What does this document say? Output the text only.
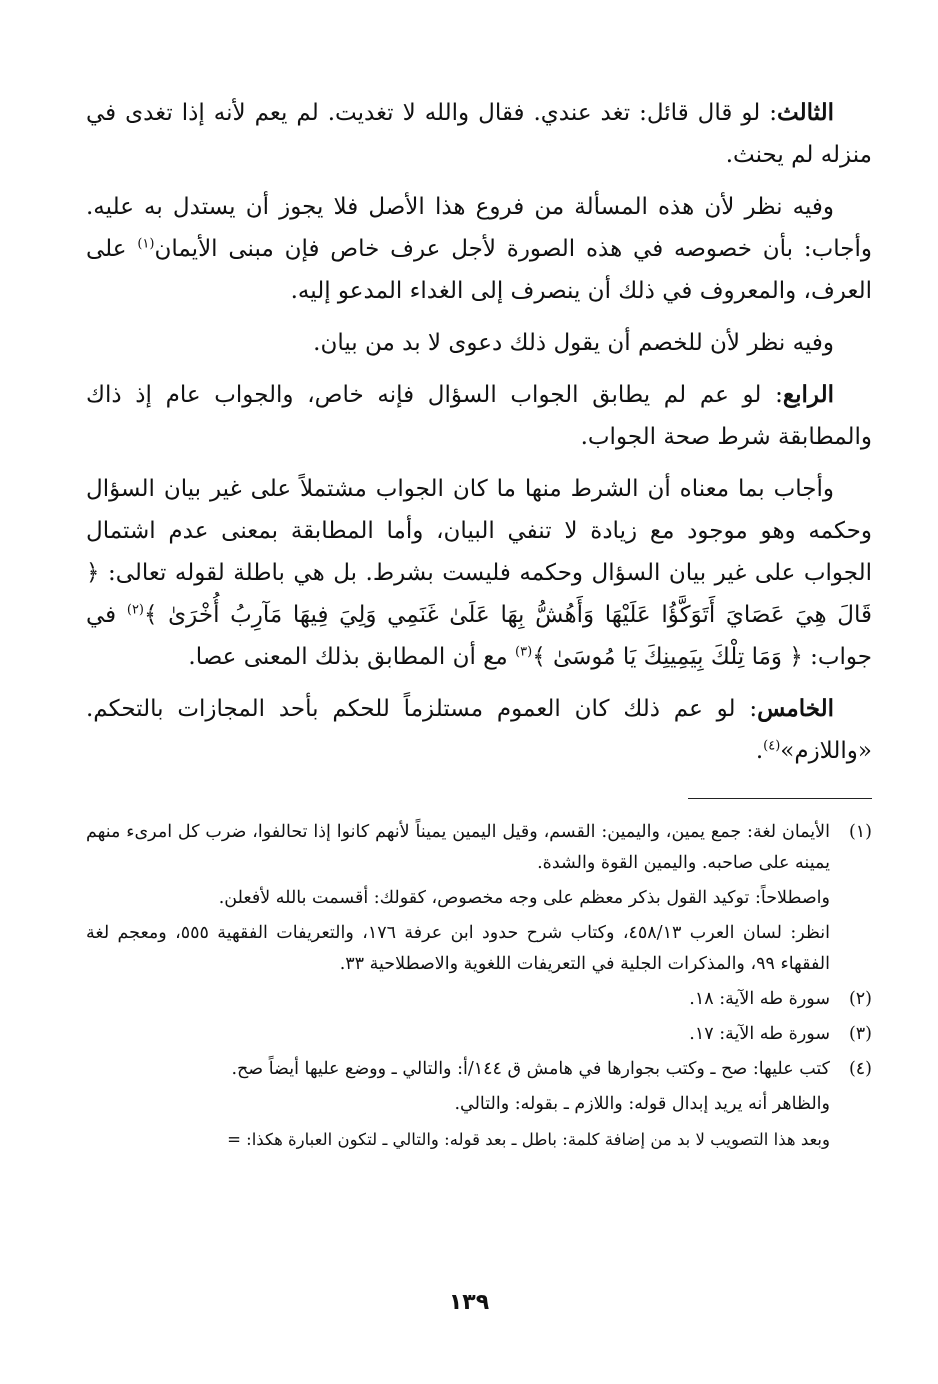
الثالث: لو قال قائل: تغد عندي. فقال والله لا تغديت. لم يعم لأنه إذا تغدى في منزله لم يحنث.

وفيه نظر لأن هذه المسألة من فروع هذا الأصل فلا يجوز أن يستدل به عليه. وأجاب: بأن خصوصه في هذه الصورة لأجل عرف خاص فإن مبنى الأيمان$^{(١)}$ على العرف، والمعروف في ذلك أن ينصرف إلى الغداء المدعو إليه.

وفيه نظر لأن للخصم أن يقول ذلك دعوى لا بد من بيان.

الرابع: لو عم لم يطابق الجواب السؤال فإنه خاص، والجواب عام إذ ذاك والمطابقة شرط صحة الجواب.

وأجاب بما معناه أن الشرط منها ما كان الجواب مشتملاً على غير بيان السؤال وحكمه وهو موجود مع زيادة لا تنفي البيان، وأما المطابقة بمعنى عدم اشتمال الجواب على غير بيان السؤال وحكمه فليست بشرط. بل هي باطلة لقوله تعالى: ﴿ قَالَ هِيَ عَصَايَ أَتَوَكَّؤُا عَلَيْهَا وَأَهُشُّ بِهَا عَلَىٰ غَنَمِي وَلِيَ فِيهَا مَآرِبُ أُخْرَىٰ ﴾$^{(٢)}$ في جواب: ﴿ وَمَا تِلْكَ بِيَمِينِكَ يَا مُوسَىٰ ﴾$^{(٣)}$ مع أن المطابق بذلك المعنى عصا.

الخامس: لو عم ذلك كان العموم مستلزماً للحكم بأحد المجازات بالتحكم. «واللازم»$^{(٤)}$.

(١)
الأيمان لغة: جمع يمين، واليمين: القسم، وقيل اليمين يميناً لأنهم كانوا إذا تحالفوا، ضرب كل امرىء منهم يمينه على صاحبه. واليمين القوة والشدة.

واصطلاحاً: توكيد القول بذكر معظم على وجه مخصوص، كقولك: أقسمت بالله لأفعلن.

انظر: لسان العرب ٤٥٨/١٣، وكتاب شرح حدود ابن عرفة ١٧٦، والتعريفات الفقهية ٥٥٥، ومعجم لغة الفقهاء ٩٩، والمذكرات الجلية في التعريفات اللغوية والاصطلاحية ٣٣.

(٢)
سورة طه الآية: ١٨.

(٣)
سورة طه الآية: ١٧.

(٤)
كتب عليها: صح ـ وكتب بجوارها في هامش ق ١٤٤/أ: والتالي ـ ووضع عليها أيضاً صح.

والظاهر أنه يريد إبدال قوله: واللازم ـ بقوله: والتالي.

وبعد هذا التصويب لا بد من إضافة كلمة: باطل ـ بعد قوله: والتالي ـ لتكون العبارة هكذا: =

١٣٩
